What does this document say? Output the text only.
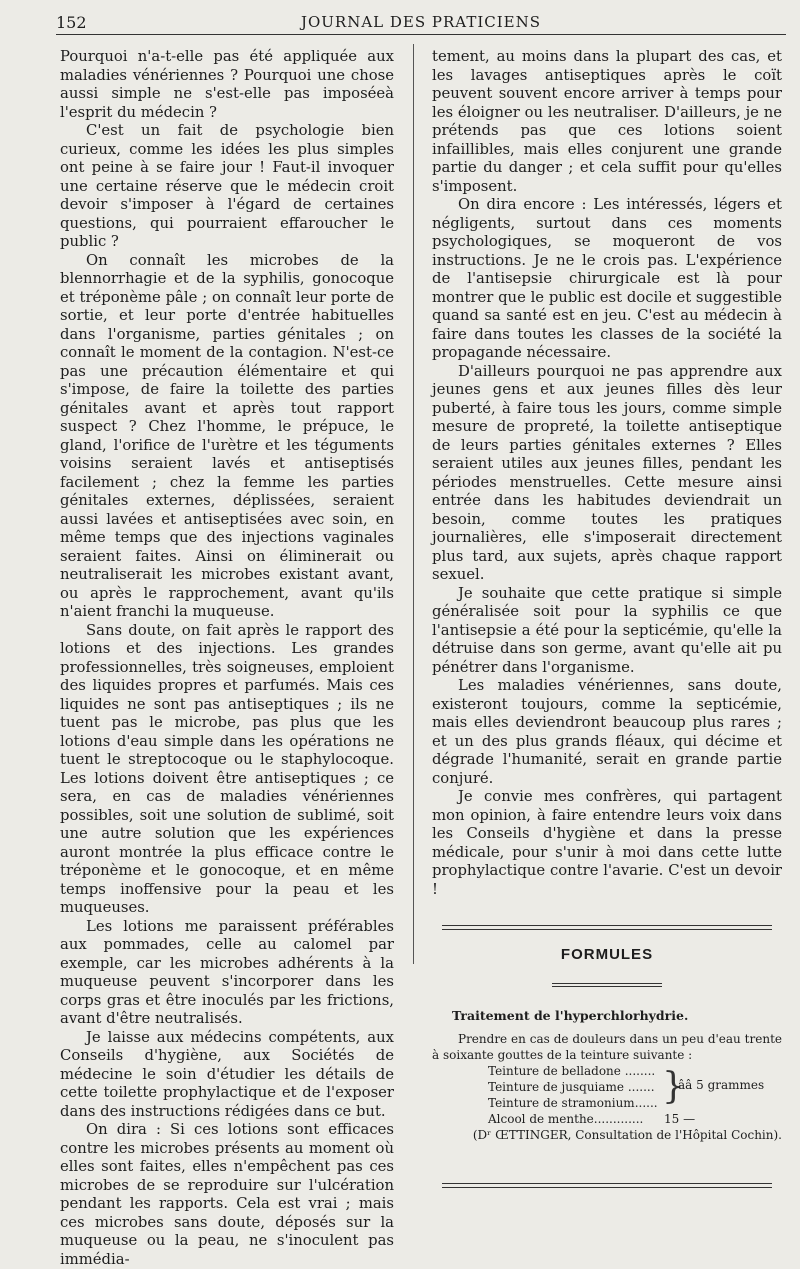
152	JOURNAL DES PRATICIENS

Pourquoi n'a-t-elle pas été appliquée aux maladies vénériennes ? Pourquoi une chose aussi simple ne s'est-elle pas imposéeà l'esprit du médecin ?

C'est un fait de psychologie bien curieux, comme les idées les plus simples ont peine à se faire jour ! Faut-il invoquer une certaine réserve que le médecin croit devoir s'imposer à l'égard de certaines questions, qui pourraient effaroucher le public ?

On connaît les microbes de la blennorrhagie et de la syphilis, gonocoque et tréponème pâle ; on connaît leur porte de sortie, et leur porte d'entrée habituelles dans l'organisme, parties génitales ; on connaît le moment de la contagion. N'est-ce pas une précaution élémentaire et qui s'impose, de faire la toilette des parties génitales avant et après tout rapport suspect ? Chez l'homme, le prépuce, le gland, l'orifice de l'urètre et les téguments voisins seraient lavés et antiseptisés facilement ; chez la femme les parties génitales externes, déplissées, seraient aussi lavées et antiseptisées avec soin, en même temps que des injections vaginales seraient faites. Ainsi on éliminerait ou neutraliserait les microbes existant avant, ou après le rapprochement, avant qu'ils n'aient franchi la muqueuse.

Sans doute, on fait après le rapport des lotions et des injections. Les grandes professionnelles, très soigneuses, emploient des liquides propres et parfumés. Mais ces liquides ne sont pas antiseptiques ; ils ne tuent pas le microbe, pas plus que les lotions d'eau simple dans les opérations ne tuent le streptocoque ou le staphylocoque. Les lotions doivent être antiseptiques ; ce sera, en cas de maladies vénériennes possibles, soit une solution de sublimé, soit une autre solution que les expériences auront montrée la plus efficace contre le tréponème et le gonocoque, et en même temps inoffensive pour la peau et les muqueuses.

Les lotions me paraissent préférables aux pommades, celle au calomel par exemple, car les microbes adhérents à la muqueuse peuvent s'incorporer dans les corps gras et être inoculés par les frictions, avant d'être neutralisés.

Je laisse aux médecins compétents, aux Conseils d'hygiène, aux Sociétés de médecine le soin d'étudier les détails de cette toilette prophylactique et de l'exposer dans des instructions rédigées dans ce but.

On dira : Si ces lotions sont efficaces contre les microbes présents au moment où elles sont faites, elles n'empêchent pas ces microbes de se reproduire sur l'ulcération pendant les rapports. Cela est vrai ; mais ces microbes sans doute, déposés sur la muqueuse ou la peau, ne s'inoculent pas immédia-

tement, au moins dans la plupart des cas, et les lavages antiseptiques après le coït peuvent souvent encore arriver à temps pour les éloigner ou les neutraliser. D'ailleurs, je ne prétends pas que ces lotions soient infaillibles, mais elles conjurent une grande partie du danger ; et cela suffit pour qu'elles s'imposent.

On dira encore : Les intéressés, légers et négligents, surtout dans ces moments psychologiques, se moqueront de vos instructions. Je ne le crois pas. L'expérience de l'antisepsie chirurgicale est là pour montrer que le public est docile et suggestible quand sa santé est en jeu. C'est au médecin à faire dans toutes les classes de la société la propagande nécessaire.

D'ailleurs pourquoi ne pas apprendre aux jeunes gens et aux jeunes filles dès leur puberté, à faire tous les jours, comme simple mesure de propreté, la toilette antiseptique de leurs parties génitales externes ? Elles seraient utiles aux jeunes filles, pendant les périodes menstruelles. Cette mesure ainsi entrée dans les habitudes deviendrait un besoin, comme toutes les pratiques journalières, elle s'imposerait directement plus tard, aux sujets, après chaque rapport sexuel.

Je souhaite que cette pratique si simple généralisée soit pour la syphilis ce que l'antisepsie a été pour la septicémie, qu'elle la détruise dans son germe, avant qu'elle ait pu pénétrer dans l'organisme.

Les maladies vénériennes, sans doute, existeront toujours, comme la septicémie, mais elles deviendront beaucoup plus rares ; et un des plus grands fléaux, qui décime et dégrade l'humanité, serait en grande partie conjuré.

Je convie mes confrères, qui partagent mon opinion, à faire entendre leurs voix dans les Conseils d'hygiène et dans la presse médicale, pour s'unir à moi dans cette lutte prophylactique contre l'avarie. C'est un devoir !

FORMULES
Traitement de l'hyperchlorhydrie.

Prendre en cas de douleurs dans un peu d'eau trente à soixante gouttes de la teinture suivante :

Teinture de belladone ........
Teinture de jusquiame .......
Teinture de stramonium......
Alcool de menthe.............	15 —
}
ââ 5 grammes

(Dʳ ŒTTINGER, Consultation de l'Hôpital Cochin).
